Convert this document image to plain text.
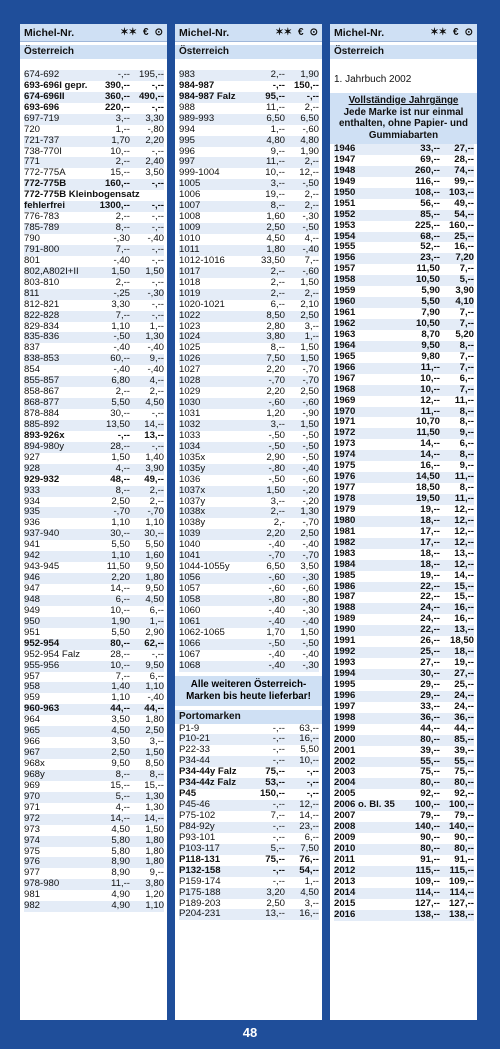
Michel-Nr.	✶✶ € ⊙
Österreich
674-692	-,-- 195,--
693-696I gepr.	390,--	-,--
674-696II	360,-- 490,--
693-696	220,--	-,--
697-719	3,--	3,30
720	1,--	-,80
721-737	1,70	2,20
738-770I	10,--	-,--
771	2,--	2,40
772-775A	15,--	3,50
772-775B	160,--	-,--
772-775B Kleinbogensatz
fehlerfrei	1300,--	-,--
776-783	2,--	-,--
785-789	8,--	-,--
790	-,30	-,40
791-800	7,--	-,--
801	-,40	-,--
802,A802I+II	1,50	1,50
803-810	2,--	-,--
811	-,25	-,30
812-821	3,30	-,--
822-828	7,--	-,--
829-834	1,10	1,--
835-836	-,50	1,30
837	-,40	-,40
838-853	60,--	9,--
854	-,40	-,40
855-857	6,80	4,--
858-867	2,--	2,--
868-877	5,50	4,50
878-884	30,--	-,--
885-892	13,50	14,--
893-926x	-,--	13,--
894-980y	28,--	-,--
927	1,50	1,40
928	4,--	3,90
929-932	48,--	49,--
933	8,--	2,--
934	2,50	2,--
935	-,70	-,70
936	1,10	1,10
937-940	30,--	30,--
941	5,50	5,50
942	1,10	1,60
943-945	11,50	9,50
946	2,20	1,80
947	14,--	9,50
948	6,--	4,50
949	10,--	6,--
950	1,90	1,--
951	5,50	2,90
952-954	80,--	62,--
952-954 Falz	28,--	-,--
955-956	10,--	9,50
957	7,--	6,--
958	1,40	1,10
959	1,10	-,40
960-963	44,--	44,--
964	3,50	1,80
965	4,50	2,50
966	3,50	3,--
967	2,50	1,50
968x	9,50	8,50
968y	8,--	8,--
969	15,--	15,--
970	5,--	1,30
971	4,--	1,30
972	14,--	14,--
973	4,50	1,50
974	5,80	1,80
975	5,80	1,80
976	8,90	1,80
977	8,90	9,--
978-980	11,--	3,80
981	4,90	1,20
982	4,90	1,10
Michel-Nr.	✶✶ € ⊙
Österreich
983	2,--	1,90
984-987	-,-- 150,--
984-987 Falz	95,--	-,--
988	11,--	2,--
989-993	6,50	6,50
994	1,--	-,60
995	4,80	4,80
996	9,--	1,90
997	11,--	2,--
999-1004	10,--	12,--
1005	3,--	-,50
1006	19,--	2,--
1007	8,--	2,--
1008	1,60	-,30
1009	2,50	-,50
1010	4,50	4,--
1011	1,80	-,40
1012-1016	33,50	7,--
1017	2,--	-,60
1018	2,--	1,50
1019	2,--	2,--
1020-1021	6,--	2,10
1022	8,50	2,50
1023	2,80	3,--
1024	3,80	1,--
1025	8,--	1,50
1026	7,50	1,50
1027	2,20	-,70
1028	-,70	-,70
1029	2,20	2,50
1030	-,60	-,60
1031	1,20	-,90
1032	3,--	1,50
1033	-,50	-,50
1034	-,50	-,50
1035x	2,90	-,50
1035y	-,80	-,40
1036	-,50	-,60
1037x	1,50	-,20
1037y	3,--	-,20
1038x	2,--	1,30
1038y	2,-	-,70
1039	2,20	2,50
1040	-,40	-,40
1041	-,70	-,70
1044-1055y	6,50	3,50
1056	-,60	-,30
1057	-,60	-,60
1058	-,80	-,80
1060	-,40	-,30
1061	-,40	-,40
1062-1065	1,70	1,50
1066	-,50	-,50
1067	-,40	-,40
1068	-,40	-,30
Alle weiteren Österreich-Marken bis heute lieferbar!
Portomarken
P1-9	-,--	63,--
P10-21	-,--	16,--
P22-33	-,--	5,50
P34-44	-,--	10,--
P34-44y Falz	75,--	-,--
P34-44z Falz	53,--	-,--
P45	150,--	-,--
P45-46	-,--	12,--
P75-102	7,--	14,--
P84-92y	-,--	23,--
P93-101	-,--	6,--
P103-117	5,--	7,50
P118-131	75,--	76,--
P132-158	-,--	54,--
P159-174	-,--	1,--
P175-188	3,20	4,50
P189-203	2,50	3,--
P204-231	13,--	16,--
Michel-Nr.	✶✶ € ⊙
Österreich
1. Jahrbuch 2002
Vollständige Jahrgänge
Jede Marke ist nur einmal enthalten, ohne Papier- und Gummiabarten
1946	33,--	27,--
1947	69,--	28,--
1948	260,--	74,--
1949	116,--	99,--
1950	108,-- 103,--
1951	56,--	49,--
1952	85,--	54,--
1953	225,-- 160,--
1954	68,--	25,--
1955	52,--	16,--
1956	23,--	7,20
1957	11,50	7,--
1958	10,50	5,--
1959	5,90	3,90
1960	5,50	4,10
1961	7,90	7,--
1962	10,50	7,--
1963	8,70	5,20
1964	9,50	8,--
1965	9,80	7,--
1966	11,--	7,--
1967	10,--	6,--
1968	10,--	7,--
1969	12,--	11,--
1970	11,--	8,--
1971	10,70	8,--
1972	11,50	9,--
1973	14,--	6,--
1974	14,--	8,--
1975	16,--	9,--
1976	14,50	11,--
1977	18,50	8,--
1978	19,50	11,--
1979	19,--	12,--
1980	18,--	12,--
1981	17,--	12,--
1982	17,--	12,--
1983	18,--	13,--
1984	18,--	12,--
1985	19,--	14,--
1986	22,--	15,--
1987	22,--	15,--
1988	24,--	16,--
1989	24,--	16,--
1990	22,--	13,--
1991	26,--	18,50
1992	25,--	18,--
1993	27,--	19,--
1994	30,--	27,--
1995	29,--	25,--
1996	29,--	24,--
1997	33,--	24,--
1998	36,--	36,--
1999	44,--	44,--
2000	80,--	85,--
2001	39,--	39,--
2002	55,--	55,--
2003	75,--	75,--
2004	80,--	80,--
2005	92,--	92,--
2006 o. Bl. 35	100,-- 100,--
2007	79,--	79,--
2008	140,-- 140,--
2009	90,--	90,--
2010	80,--	80,--
2011	91,--	91,--
2012	115,-- 115,--
2013	109,-- 109,--
2014	114,-- 114,--
2015	127,-- 127,--
2016	138,-- 138,--
48
